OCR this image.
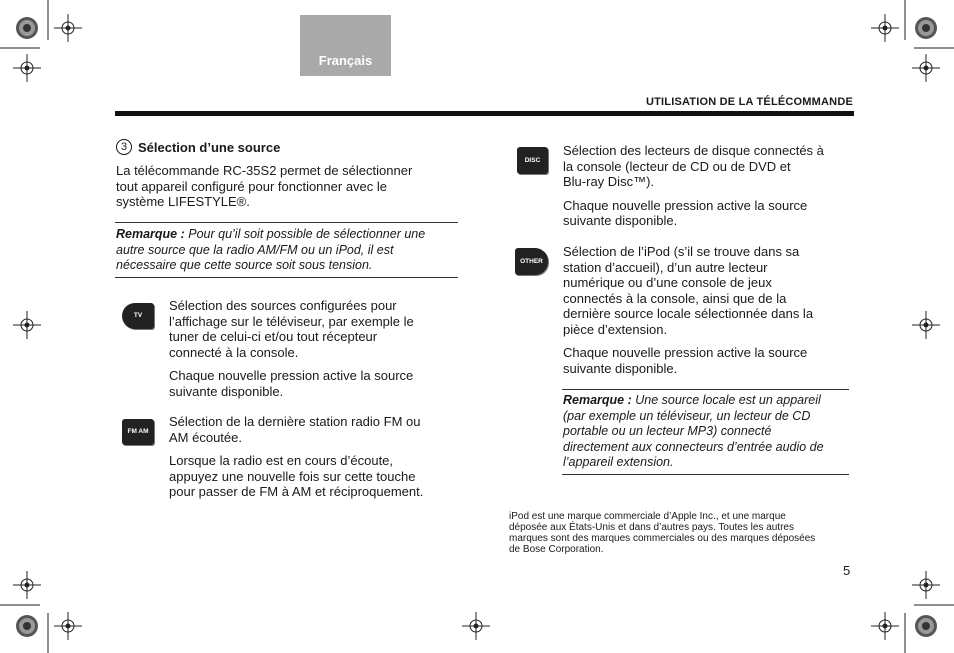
Français
UTILISATION DE LA TÉLÉCOMMANDE
3 Sélection d’une source
La télécommande RC-35S2 permet de sélectionner
tout appareil configuré pour fonctionner avec le
système LIFESTYLE®.
Remarque : Pour qu’il soit possible de sélectionner une
autre source que la radio AM/FM ou un iPod, il est
nécessaire que cette source soit sous tension.
TV
Sélection des sources configurées pour
l’affichage sur le téléviseur, par exemple le
tuner de celui-ci et/ou tout récepteur
connecté à la console.
Chaque nouvelle pression active la source
suivante disponible.
FM AM
Sélection de la dernière station radio FM ou
AM écoutée.
Lorsque la radio est en cours d’écoute,
appuyez une nouvelle fois sur cette touche
pour passer de FM à AM et réciproquement.
DISC
Sélection des lecteurs de disque connectés à
la console (lecteur de CD ou de DVD et
Blu-ray Disc™).
Chaque nouvelle pression active la source
suivante disponible.
OTHER
Sélection de l’iPod (s’il se trouve dans sa
station d’accueil), d’un autre lecteur
numérique ou d’une console de jeux
connectés à la console, ainsi que de la
dernière source locale sélectionnée dans la
pièce d’extension.
Chaque nouvelle pression active la source
suivante disponible.
Remarque : Une source locale est un appareil
(par exemple un téléviseur, un lecteur de CD
portable ou un lecteur MP3) connecté
directement aux connecteurs d’entrée audio de
l’appareil extension.
iPod est une marque commerciale d’Apple Inc., et une marque
déposée aux États-Unis et dans d’autres pays. Toutes les autres
marques sont des marques commerciales ou des marques déposées
de Bose Corporation.
5
